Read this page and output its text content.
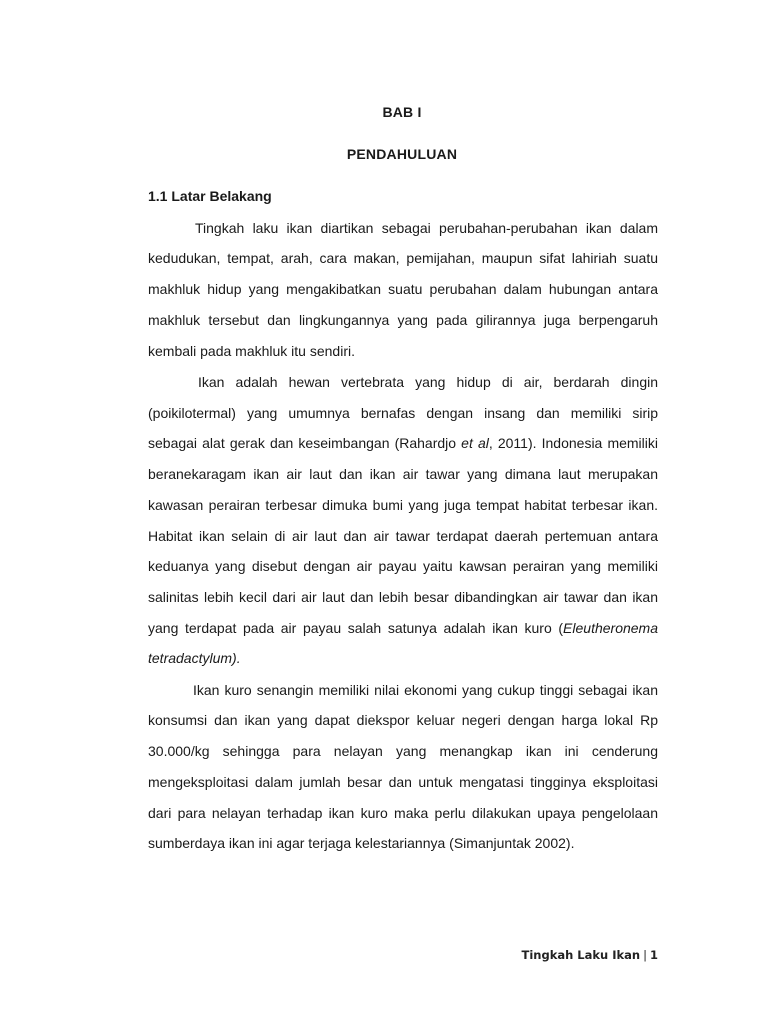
BAB I
PENDAHULUAN
1.1 Latar Belakang
Tingkah laku ikan diartikan sebagai perubahan-perubahan ikan dalam
kedudukan, tempat, arah, cara makan, pemijahan, maupun sifat lahiriah suatu
makhluk hidup yang mengakibatkan suatu perubahan dalam hubungan antara
makhluk tersebut dan lingkungannya yang pada gilirannya juga berpengaruh
kembali pada makhluk itu sendiri.
Ikan adalah hewan vertebrata yang hidup di air, berdarah dingin
(poikilotermal) yang umumnya bernafas dengan insang dan memiliki sirip
sebagai alat gerak dan keseimbangan (Rahardjo et al, 2011). Indonesia memiliki
beranekaragam ikan air laut dan ikan air tawar yang dimana laut merupakan
kawasan perairan terbesar dimuka bumi yang juga tempat habitat terbesar ikan.
Habitat ikan selain di air laut dan air tawar terdapat daerah pertemuan antara
keduanya yang disebut dengan air payau yaitu kawsan perairan yang memiliki
salinitas lebih kecil dari air laut dan lebih besar dibandingkan air tawar dan ikan
yang terdapat pada air payau salah satunya adalah ikan kuro (Eleutheronema
tetradactylum).
Ikan kuro senangin memiliki nilai ekonomi yang cukup tinggi sebagai ikan
konsumsi dan ikan yang dapat diekspor keluar negeri dengan harga lokal Rp
30.000/kg sehingga para nelayan yang menangkap ikan ini cenderung
mengeksploitasi dalam jumlah besar dan untuk mengatasi tingginya eksploitasi
dari para nelayan terhadap ikan kuro maka perlu dilakukan upaya pengelolaan
sumberdaya ikan ini agar terjaga kelestariannya (Simanjuntak 2002).
Tingkah Laku Ikan | 1
